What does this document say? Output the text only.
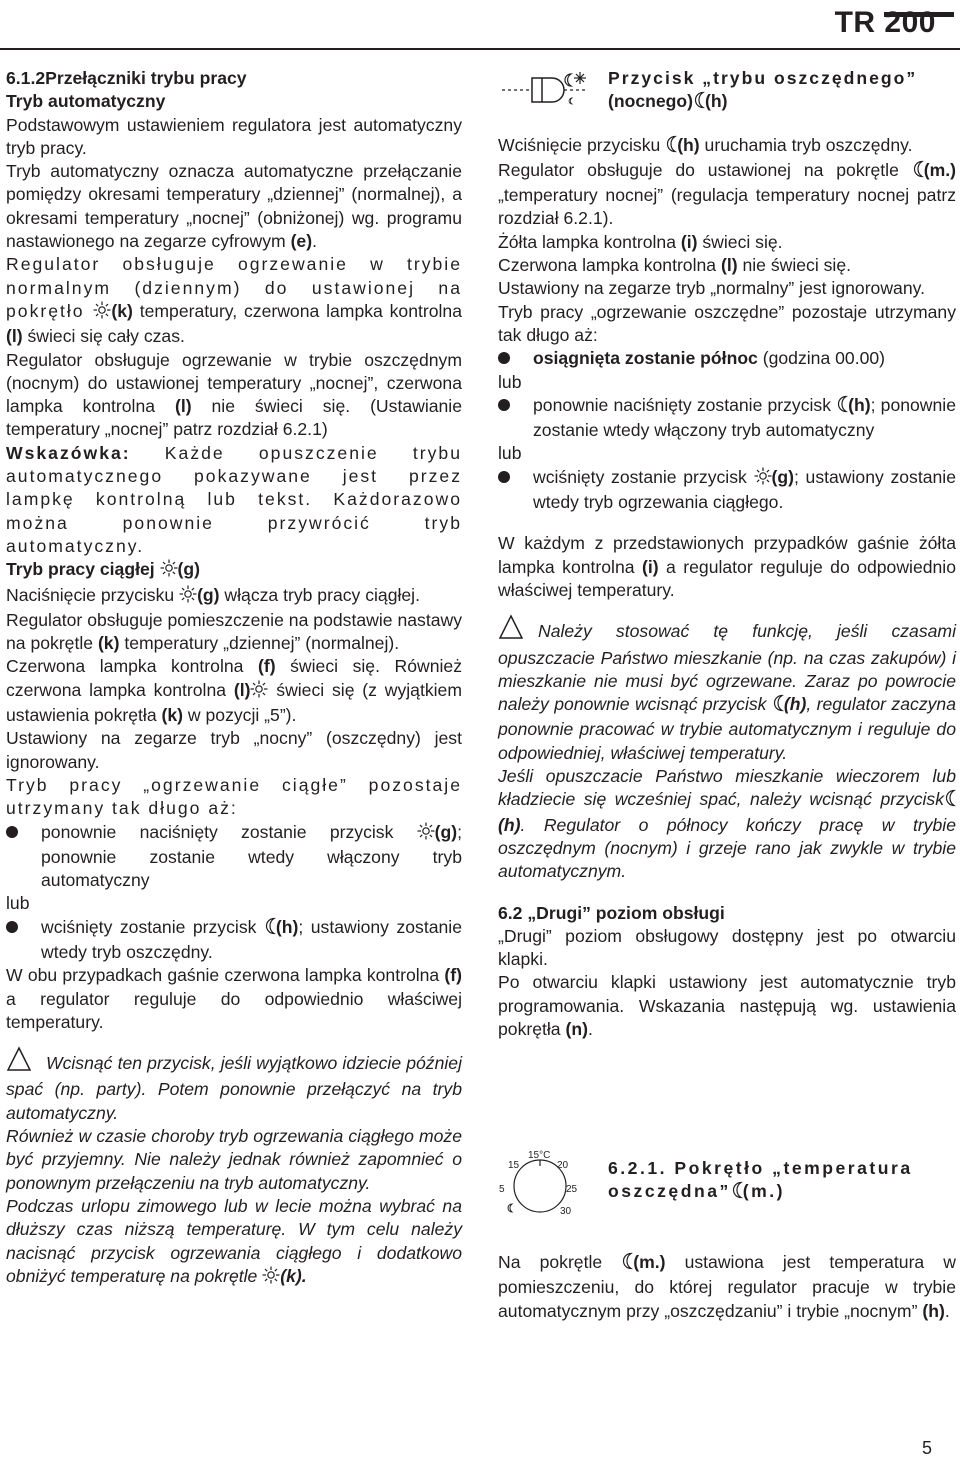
TR 200

6.1.2Przełączniki trybu pracy

Tryb automatyczny

Podstawowym ustawieniem regulatora jest automatyczny tryb pracy.

Tryb automatyczny oznacza automatyczne przełączanie pomiędzy okresami temperatury „dziennej” (normalnej), a okresami temperatury „nocnej” (obniżonej) wg. programu nastawionego na zegarze cyfrowym (e).

Regulator obsługuje ogrzewanie w trybie normalnym (dziennym) do ustawionej na pokrętło (k) temperatury, czerwona lampka kontrolna (l) świeci się cały czas.

Regulator obsługuje ogrzewanie w trybie oszczędnym (nocnym) do ustawionej temperatury „nocnej”, czerwona lampka kontrolna (l) nie świeci się. (Ustawianie temperatury „nocnej” patrz rozdział 6.2.1)

Wskazówka: Każde opuszczenie trybu automatycznego pokazywane jest przez lampkę kontrolną lub tekst. Każdorazowo można ponownie przywrócić tryb automatyczny.

Tryb pracy ciągłej (g)

Naciśnięcie przycisku (g) włącza tryb pracy ciągłej.

Regulator obsługuje pomieszczenie na podstawie nastawy na pokrętle (k) temperatury „dziennej” (normalnej).

Czerwona lampka kontrolna (f) świeci się. Również czerwona lampka kontrolna (l) świeci się (z wyjątkiem ustawienia pokrętła (k) w pozycji „5”).

Ustawiony na zegarze tryb „nocny” (oszczędny) jest ignorowany.

Tryb pracy „ogrzewanie ciągłe” pozostaje utrzymany tak długo aż:

ponownie naciśnięty zostanie przycisk (g); ponownie zostanie wtedy włączony tryb automatyczny

lub

wciśnięty zostanie przycisk (h); ustawiony zostanie wtedy tryb oszczędny.

W obu przypadkach gaśnie czerwona lampka kontrolna (f) a regulator reguluje do odpowiednio właściwej temperatury.

Wcisnąć ten przycisk, jeśli wyjątkowo idziecie później spać (np. party). Potem ponownie przełączyć na tryb automatyczny.

Również w czasie choroby tryb ogrzewania ciągłego może być przyjemny. Nie należy jednak również zapomnieć o ponownym przełączeniu na tryb automatyczny.

Podczas urlopu zimowego lub w lecie można wybrać na dłuższy czas niższą temperaturę. W tym celu należy nacisnąć przycisk ogrzewania ciągłego i dodatkowo obniżyć temperaturę na pokrętle (k).

Przycisk „trybu oszczędnego”

(nocnego) (h)

Wciśnięcie przycisku (h) uruchamia tryb oszczędny.

Regulator obsługuje do ustawionej na pokrętle (m.) „temperatury nocnej” (regulacja temperatury nocnej patrz rozdział 6.2.1).

Żółta lampka kontrolna (i) świeci się.

Czerwona lampka kontrolna (l) nie świeci się.

Ustawiony na zegarze tryb „normalny” jest ignorowany.

Tryb pracy „ogrzewanie oszczędne” pozostaje utrzymany tak długo aż:

osiągnięta zostanie północ (godzina 00.00)

lub

ponownie naciśnięty zostanie przycisk (h); ponownie zostanie wtedy włączony tryb automatyczny

lub

wciśnięty zostanie przycisk (g); ustawiony zostanie wtedy tryb ogrzewania ciągłego.

W każdym z przedstawionych przypadków gaśnie żółta lampka kontrolna (i) a regulator reguluje do odpowiednio właściwej temperatury.

Należy stosować tę funkcję, jeśli czasami opuszczacie Państwo mieszkanie (np. na czas zakupów) i mieszkanie nie musi być ogrzewane. Zaraz po powrocie należy ponownie wcisnąć przycisk (h), regulator zaczyna ponownie pracować w trybie automatycznym i reguluje do odpowiedniej, właściwej temperatury.

Jeśli opuszczacie Państwo mieszkanie wieczorem lub kładziecie się wcześniej spać, należy wcisnąć przycisk(h). Regulator o północy kończy pracę w trybie oszczędnym (nocnym) i grzeje rano jak zwykle w trybie automatycznym.

6.2 „Drugi” poziom obsługi

„Drugi” poziom obsługowy dostępny jest po otwarciu klapki.

Po otwarciu klapki ustawiony jest automatycznie tryb programowania. Wskazania następują wg. ustawienia pokrętła (n).

15°C
15	20
5	25
30

6.2.1. Pokrętło „temperatura oszczędna” (m.)

Na pokrętle (m.) ustawiona jest temperatura w pomieszczeniu, do której regulator pracuje w trybie automatycznym przy „oszczędzaniu” i trybie „nocnym” (h).

5
